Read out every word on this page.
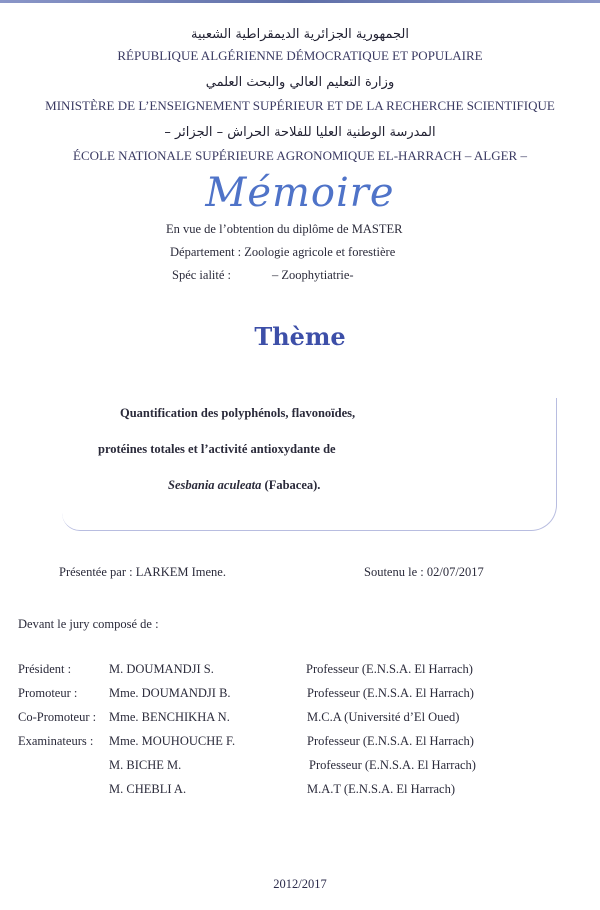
الجمهورية الجزائرية الديمقراطية الشعبية
RÉPUBLIQUE ALGÉRIENNE DÉMOCRATIQUE ET POPULAIRE
وزارة التعليم العالي والبحث العلمي
MINISTÈRE DE L’ENSEIGNEMENT SUPÉRIEUR ET DE LA RECHERCHE SCIENTIFIQUE
المدرسة الوطنية العليا للفلاحة الحراش – الجزائر –
ÉCOLE NATIONALE SUPÉRIEURE AGRONOMIQUE EL-HARRACH – ALGER –
Mémoire
En vue de l’obtention du diplôme de MASTER
Département : Zoologie agricole et forestière
Spéc ialité :	– Zoophytiatrie-
Thème
Quantification des polyphénols, flavonoïdes,
protéines totales et l’activité antioxydante de
Sesbania aculeata (Fabacea).
Présentée par : LARKEM Imene.	Soutenu le : 02/07/2017
Devant le jury composé de :
Président :	M. DOUMANDJI S.	Professeur (E.N.S.A. El Harrach)
Promoteur :	Mme. DOUMANDJI B.	Professeur (E.N.S.A. El Harrach)
Co-Promoteur : Mme. BENCHIKHA N.	M.C.A (Université d’El Oued)
Examinateurs : Mme. MOUHOUCHE F.	Professeur (E.N.S.A. El Harrach)
M. BICHE M.	Professeur (E.N.S.A. El Harrach)
M. CHEBLI A.	M.A.T (E.N.S.A. El Harrach)
2012/2017
